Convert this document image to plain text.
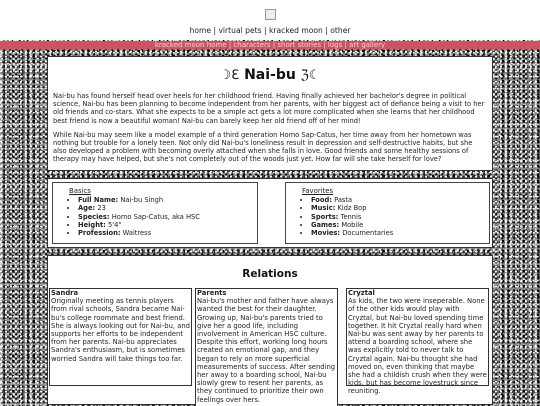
home | virtual pets | kracked moon | other
kracked moon home | characters | short stories | logs | art gallery
☽ℇ Nai-bu ℨ☾

Nai-bu has found herself head over heels for her childhood friend. Having finally achieved her bachelor's degree in political science, Nai-bu has been planning to become independent from her parents, with her biggest act of defiance being a visit to her old friends and co-stars. What she expects to be a simple act gets a lot more complicated when she learns that her childhood best friend is now a beautiful woman! Nai-bu can barely keep her old friend off of her mind!

While Nai-bu may seem like a model example of a third generation Homo Sap-Catus, her time away from her hometown was nothing but trouble for a lonely teen. Not only did Nai-bu's loneliness result in depression and self-destructive habits, but she also developed a problem with becoming overly attached when she falls in love. Good friends and some healthy sessions of therapy may have helped, but she's not completely out of the woods just yet. How far will she take herself for love?

Basics
• Full Name: Nai-bu Singh
• Age: 23
• Species: Homo Sap-Catus, aka HSC
• Height: 5'4"
• Profession: Waitress
Favorites
• Food: Pasta
• Music: Kidz Bop
• Sports: Tennis
• Games: Mobile
• Movies: Documentaries
Relations
Sandra

Originally meeting as tennis players from rival schools, Sandra became Nai-bu's college roommate and best friend. She is always looking out for Nai-bu, and supports her efforts to be independent from her parents. Nai-bu appreciates Sandra's enthusiasm, but is sometimes worried Sandra will take things too far.

Parents

Nai-bu's mother and father have always wanted the best for their daughter. Growing up, Nai-bu's parents tried to give her a good life, including involvement in American HSC culture. Despite this effort, working long hours created an emotional gap, and they began to rely on more superficial measurements of success. After sending her away to a boarding school, Nai-bu slowly grew to resent her parents, as they continued to prioritize their own feelings over hers.

Cryztal

As kids, the two were inseperable. None of the other kids would play with Cryztal, but Nai-bu loved spending time together. It hit Cryztal really hard when Nai-bu was sent away by her parents to attend a boarding school, where she was explicitly told to never talk to Cryztal again. Nai-bu thought she had moved on, even thinking that maybe she had a childish crush when they were kids, but has become lovestruck since reuniting.
